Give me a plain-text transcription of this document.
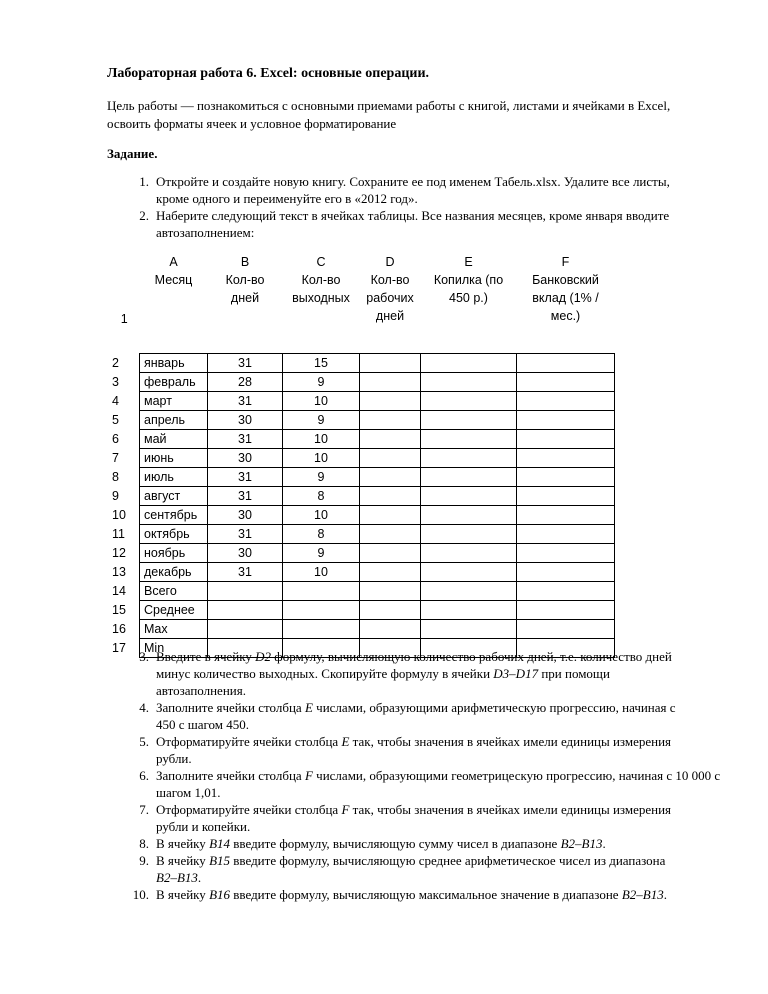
Лабораторная работа 6. Excel: основные операции.
Цель работы — познакомиться с основными приемами работы с книгой, листами и ячейками в Excel, освоить форматы ячеек и условное форматирование
Задание.
1. Откройте и создайте новую книгу. Сохраните ее под именем Табель.xlsx. Удалите все листы, кроме одного и переименуйте его в «2012 год».
2. Наберите следующий текст в ячейках таблицы. Все названия месяцев, кроме января вводите автозаполнением:
	A	B	C	D	E	F
1	Месяц	Кол-во дней	Кол-во выходных	Кол-во рабочих дней	Копилка (по 450 р.)	Банковский вклад (1% / мес.)
2	январь	31	15			
3	февраль	28	9			
4	март	31	10			
5	апрель	30	9			
6	май	31	10			
7	июнь	30	10			
8	июль	31	9			
9	август	31	8			
10	сентябрь	30	10			
11	октябрь	31	8			
12	ноябрь	30	9			
13	декабрь	31	10			
14	Всего					
15	Среднее					
16	Max					
17	Min					
3. Введите в ячейку D2 формулу, вычисляющую количество рабочих дней, т.е. количество дней минус количество выходных. Скопируйте формулу в ячейки D3–D17 при помощи автозаполнения.
4. Заполните ячейки столбца E числами, образующими арифметическую прогрессию, начиная с 450 с шагом 450.
5. Отформатируйте ячейки столбца E так, чтобы значения в ячейках имели единицы измерения рубли.
6. Заполните ячейки столбца F числами, образующими геометрицескую прогрессию, начиная с 10 000 с шагом 1,01.
7. Отформатируйте ячейки столбца F так, чтобы значения в ячейках имели единицы измерения рубли и копейки.
8. В ячейку B14 введите формулу, вычисляющую сумму чисел в диапазоне B2–B13.
9. В ячейку B15 введите формулу, вычисляющую среднее арифметическое чисел из диапазона B2–B13.
10. В ячейку B16 введите формулу, вычисляющую максимальное значение в диапазоне B2–B13.
